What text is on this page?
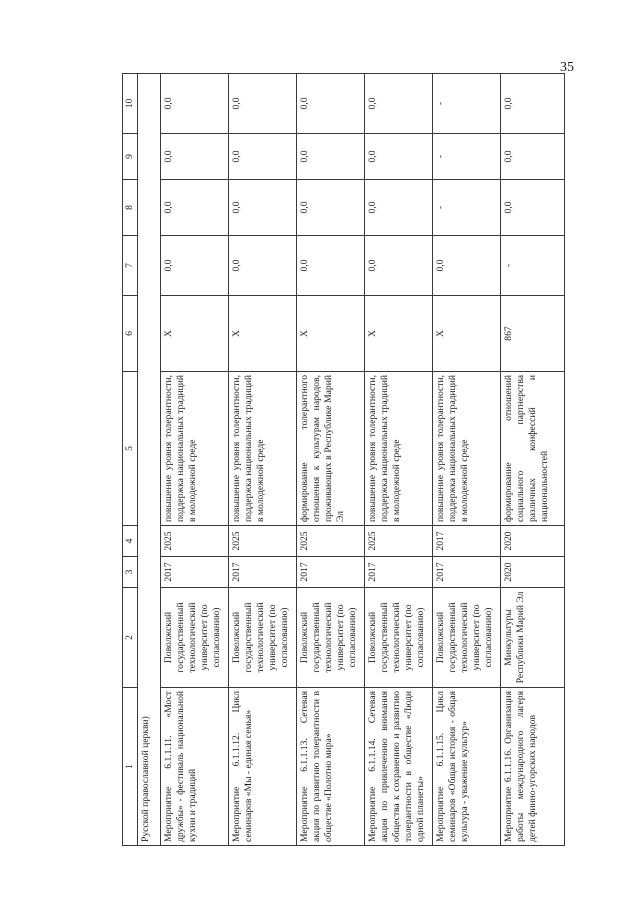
35
1	2	3	4	5	6	7	8	9	10
Русской православной церкви)									
Мероприятие 6.1.1.11. «Мост дружбы» - фестиваль национальной кухни и традиций	Поволжский государственный технологический университет (по согласованию)	2017	2025	повышение уровня толерантности, поддержка национальных традиций в молодежной среде	Х	0,0	0,0	0,0	0,0
Мероприятие 6.1.1.12. Цикл семинаров «Мы - единая семья»	Поволжский государственный технологический университет (по согласованию)	2017	2025	повышение уровня толерантности, поддержка национальных традиций в молодежной среде	Х	0,0	0,0	0,0	0,0
Мероприятие 6.1.1.13. Сетевая акция по развитию толерантности в обществе «Полотно мира»	Поволжский государственный технологический университет (по согласованию)	2017	2025	формирование толерантного отношения к культурам народов, проживающих в Республике Марий Эл	Х	0,0	0,0	0,0	0,0
Мероприятие 6.1.1.14. Сетевая акция по привлечению внимания общества к сохранению и развитию толерантности в обществе «Люди одной планеты»	Поволжский государственный технологический университет (по согласованию)	2017	2025	повышение уровня толерантности, поддержка национальных традиций в молодежной среде	Х	0,0	0,0	0,0	0,0
Мероприятие 6.1.1.15. Цикл семинаров «Общая история - общая культура - уважение культур»	Поволжский государственный технологический университет (по согласованию)	2017	2017	повышение уровня толерантности, поддержка национальных традиций в молодежной среде	Х	0,0	-	-	-
Мероприятие 6.1.1.16. Организация работы международного лагеря детей финно-угорских народов	Минкультуры Республики Марий Эл	2020	2020	формирование отношений социального партнерства различных конфессий и национальностей	867	-	0,0	0,0	0,0
